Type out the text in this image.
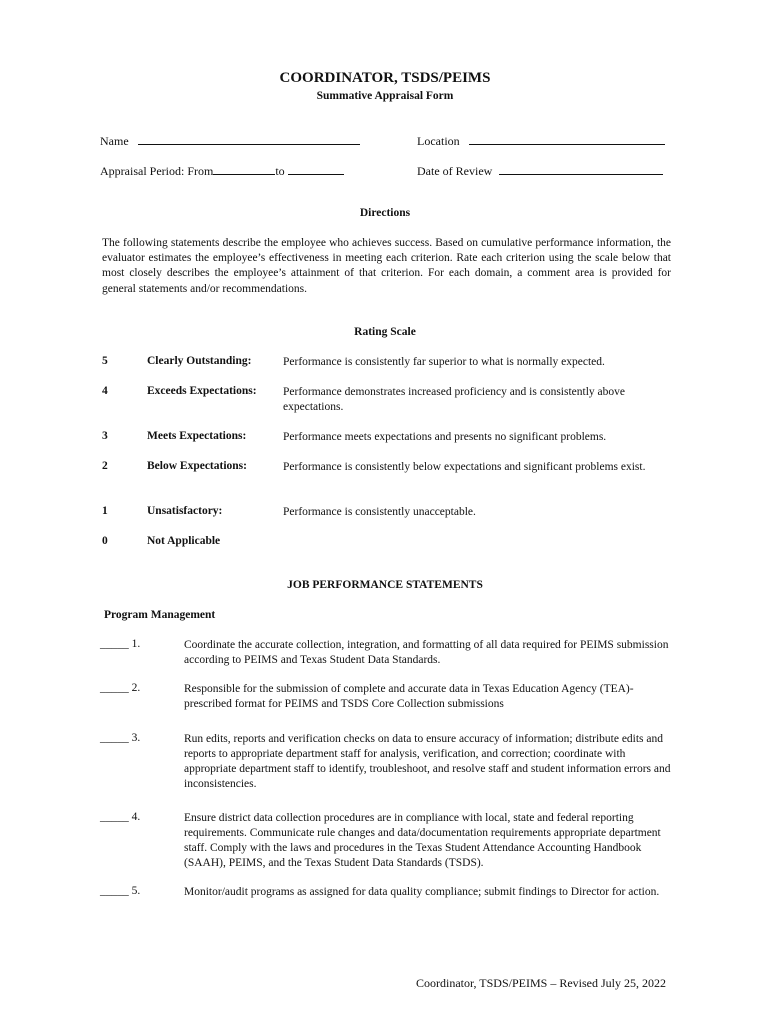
COORDINATOR, TSDS/PEIMS
Summative Appraisal Form
Name	Location
Appraisal Period: From	to	Date of Review
Directions
The following statements describe the employee who achieves success. Based on cumulative performance information, the evaluator estimates the employee’s effectiveness in meeting each criterion. Rate each criterion using the scale below that most closely describes the employee’s attainment of that criterion. For each domain, a comment area is provided for general statements and/or recommendations.
Rating Scale
5	Clearly Outstanding:	Performance is consistently far superior to what is normally expected.
4	Exceeds Expectations: Performance demonstrates increased proficiency and is consistently above expectations.
3	Meets Expectations:	Performance meets expectations and presents no significant problems.
2	Below Expectations:	Performance is consistently below expectations and significant problems exist.
1	Unsatisfactory:	Performance is consistently unacceptable.
0	Not Applicable
JOB PERFORMANCE STATEMENTS
Program Management
_____ 1.	Coordinate the accurate collection, integration, and formatting of all data required for PEIMS submission according to PEIMS and Texas Student Data Standards.
_____ 2.	Responsible for the submission of complete and accurate data in Texas Education Agency (TEA)-prescribed format for PEIMS and TSDS Core Collection submissions
_____ 3.	Run edits, reports and verification checks on data to ensure accuracy of information; distribute edits and reports to appropriate department staff for analysis, verification, and correction; coordinate with appropriate department staff to identify, troubleshoot, and resolve staff and student information errors and inconsistencies.
_____ 4.	Ensure district data collection procedures are in compliance with local, state and federal reporting requirements. Communicate rule changes and data/documentation requirements appropriate department staff. Comply with the laws and procedures in the Texas Student Attendance Accounting Handbook (SAAH), PEIMS, and the Texas Student Data Standards (TSDS).
_____ 5.	Monitor/audit programs as assigned for data quality compliance; submit findings to Director for action.
Coordinator, TSDS/PEIMS – Revised July 25, 2022
